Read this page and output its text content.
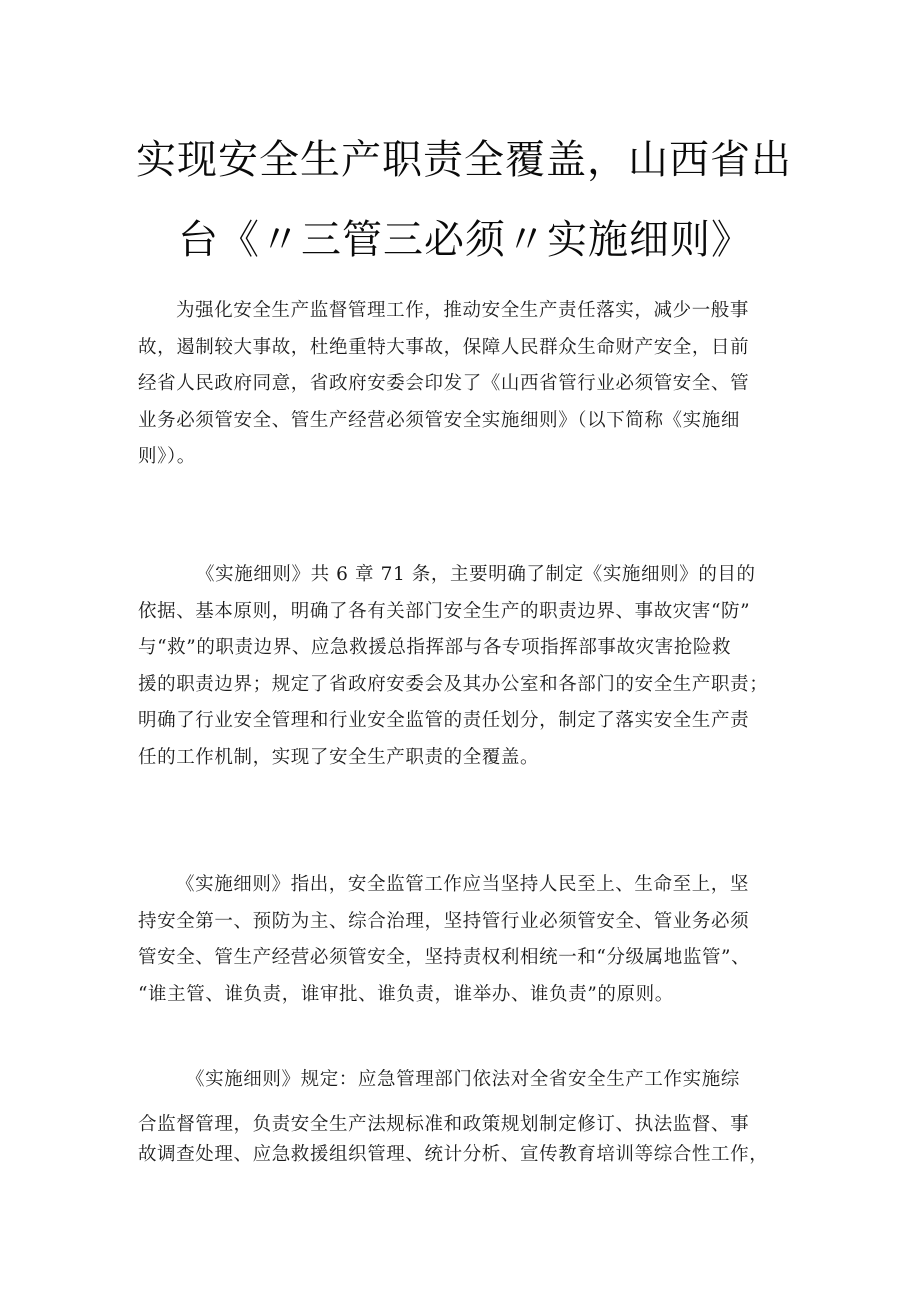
实现安全生产职责全覆盖，山西省出
台《〃三管三必须〃实施细则》
为强化安全生产监督管理工作，推动安全生产责任落实，减少一般事
故，遏制较大事故，杜绝重特大事故，保障人民群众生命财产安全，日前
经省人民政府同意，省政府安委会印发了《山西省管行业必须管安全、管
业务必须管安全、管生产经营必须管安全实施细则》（以下简称《实施细
则》）。
《实施细则》共 6 章 71 条，主要明确了制定《实施细则》的目的
依据、基本原则，明确了各有关部门安全生产的职责边界、事故灾害“防”
与“救”的职责边界、应急救援总指挥部与各专项指挥部事故灾害抢险救
援的职责边界；规定了省政府安委会及其办公室和各部门的安全生产职责；
明确了行业安全管理和行业安全监管的责任划分，制定了落实安全生产责
任的工作机制，实现了安全生产职责的全覆盖。
《实施细则》指出，安全监管工作应当坚持人民至上、生命至上，坚
持安全第一、预防为主、综合治理，坚持管行业必须管安全、管业务必须
管安全、管生产经营必须管安全，坚持责权利相统一和“分级属地监管”、
“谁主管、谁负责，谁审批、谁负责，谁举办、谁负责”的原则。
《实施细则》规定：应急管理部门依法对全省安全生产工作实施综
合监督管理，负责安全生产法规标准和政策规划制定修订、执法监督、事
故调查处理、应急救援组织管理、统计分析、宣传教育培训等综合性工作，
